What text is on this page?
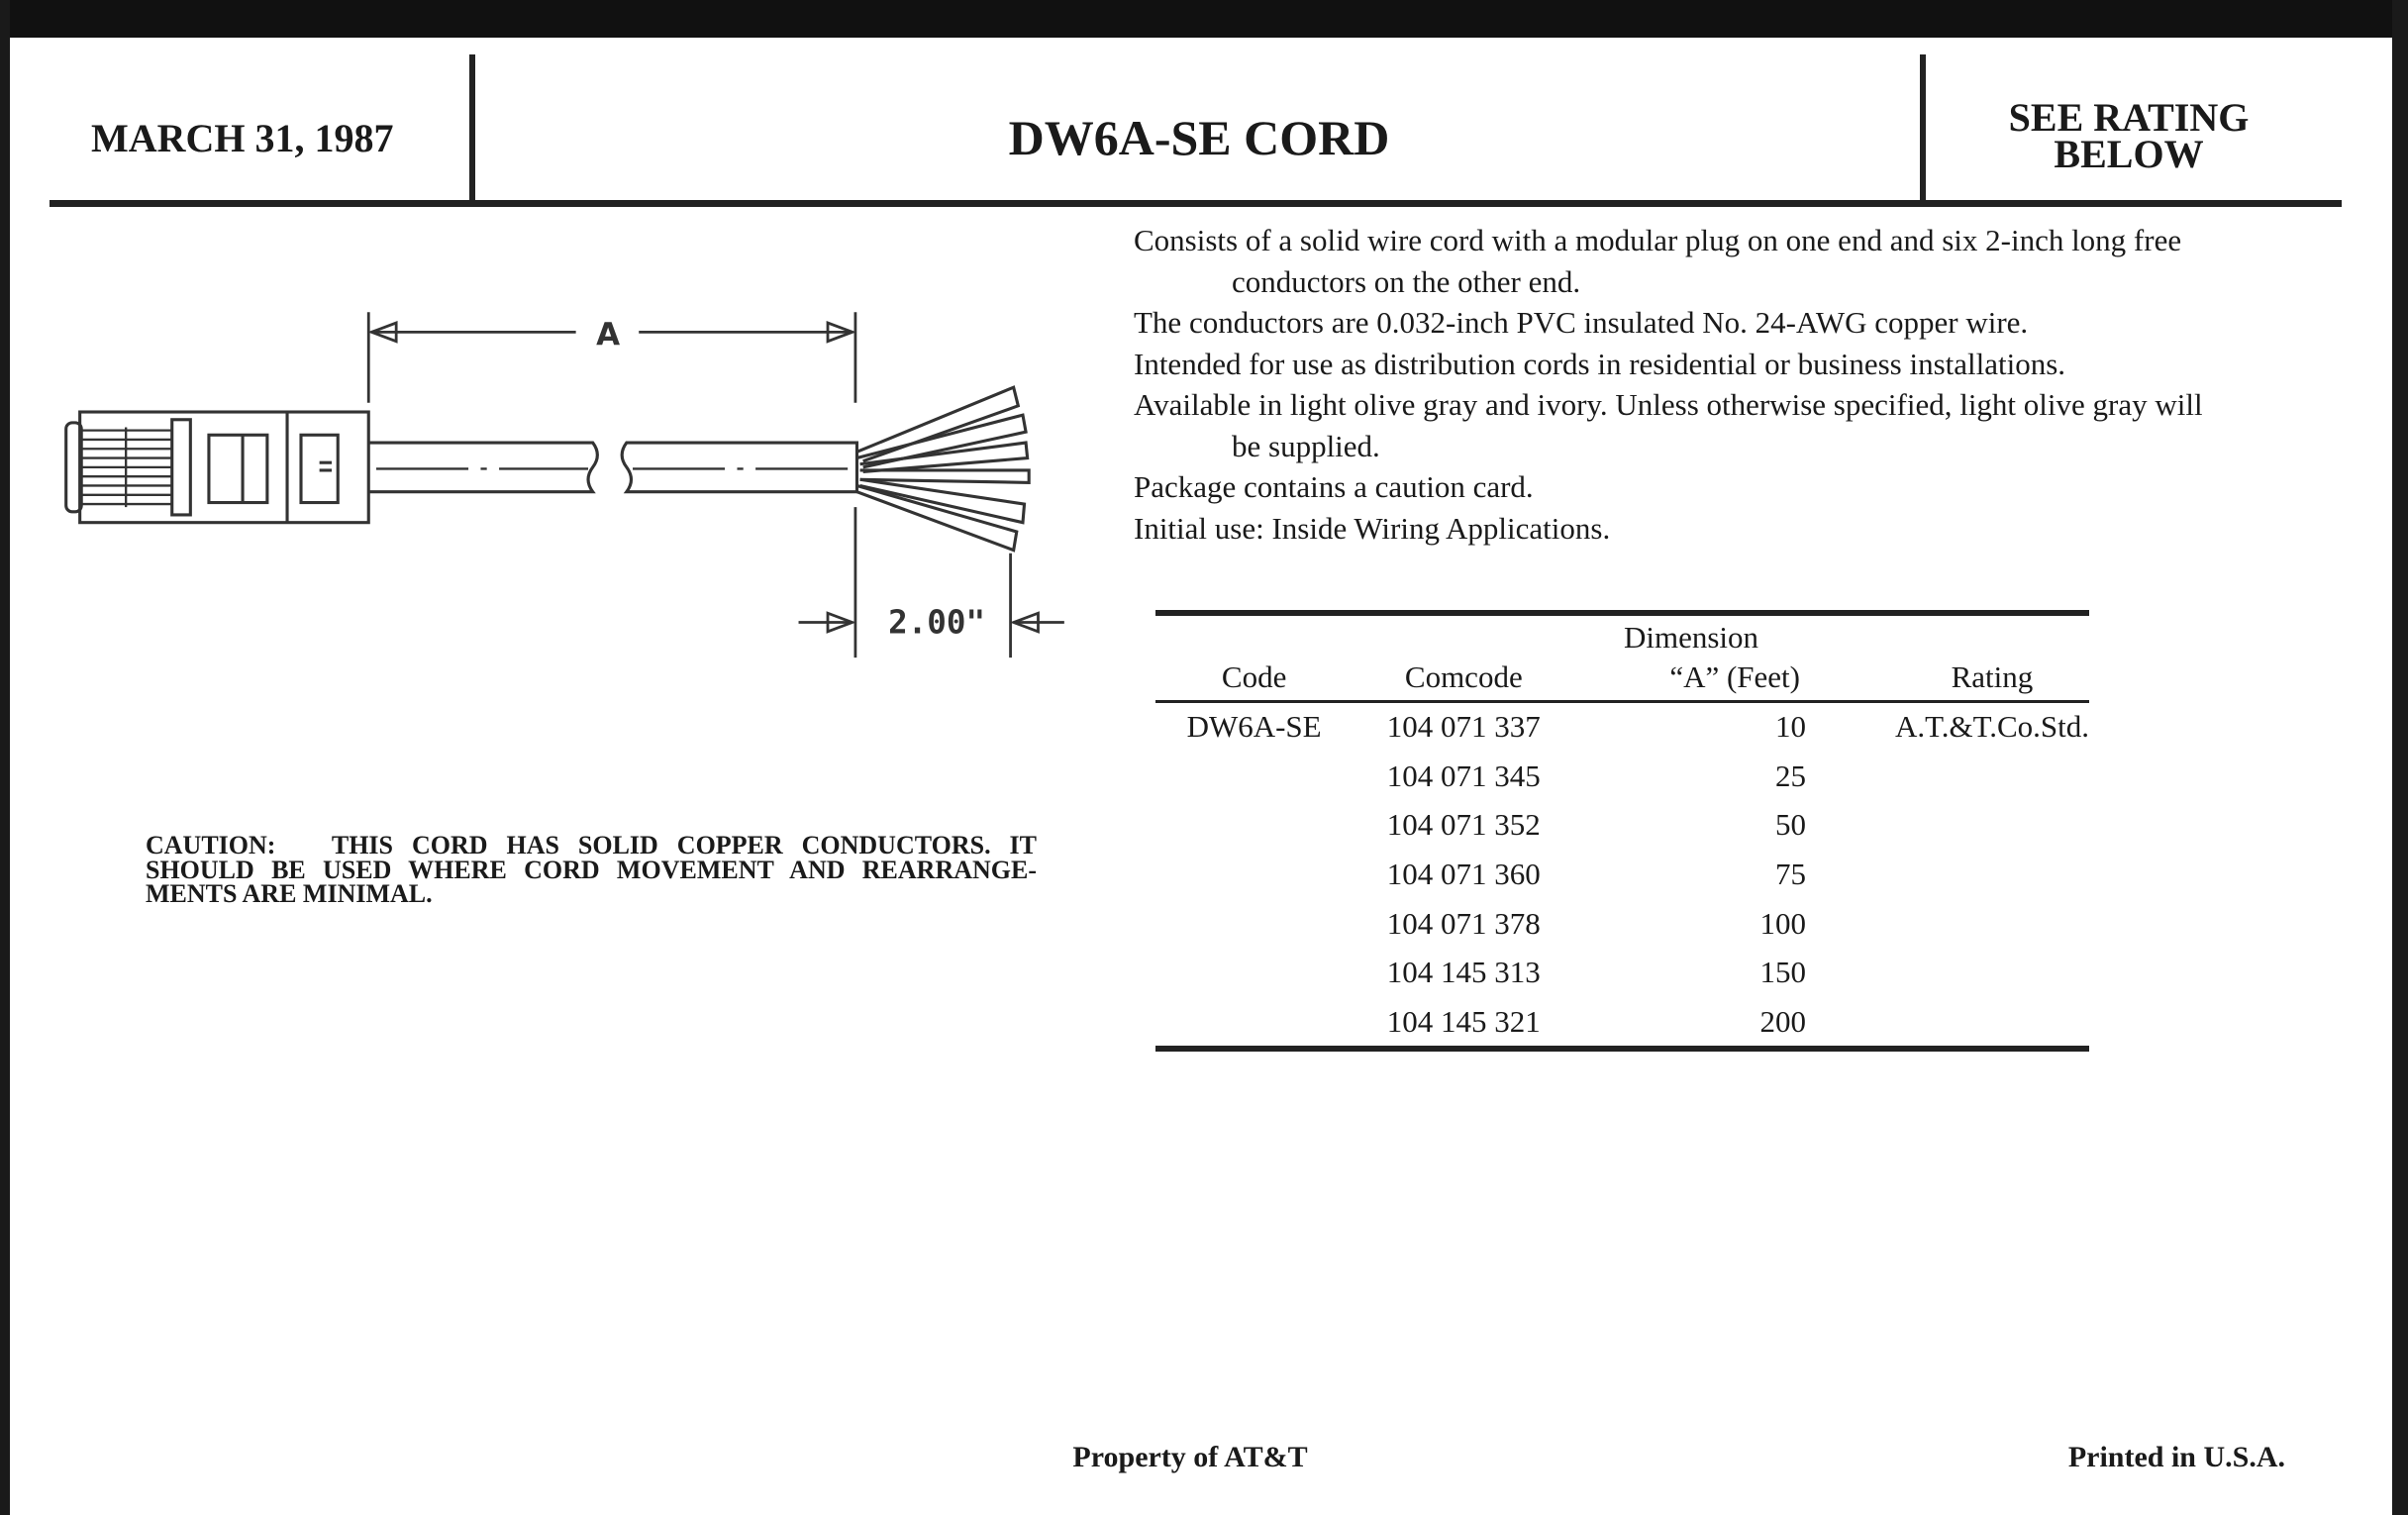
MARCH 31, 1987	DW6A-SE CORD	SEE RATING
BELOW
A
2.00"

Consists of a solid wire cord with a modular plug on one end and six 2-inch long free

conductors on the other end.

The conductors are 0.032-inch PVC insulated No. 24-AWG copper wire.

Intended for use as distribution cords in residential or business installations.

Available in light olive gray and ivory. Unless otherwise specified, light olive gray will

be supplied.

Package contains a caution card.

Initial use: Inside Wiring Applications.

CAUTION:   THIS CORD HAS SOLID COPPER CONDUCTORS. IT SHOULD BE USED WHERE CORD MOVEMENT AND REARRANGE-MENTS ARE MINIMAL.
Dimension
Code	Comcode	“A” (Feet)	Rating
DW6A-SE	104 071 337	10	A.T.&T.Co.Std.
	104 071 345	25	
	104 071 352	50	
	104 071 360	75	
	104 071 378	100	
	104 145 313	150	
	104 145 321	200	
Property of AT&T	Printed in U.S.A.
